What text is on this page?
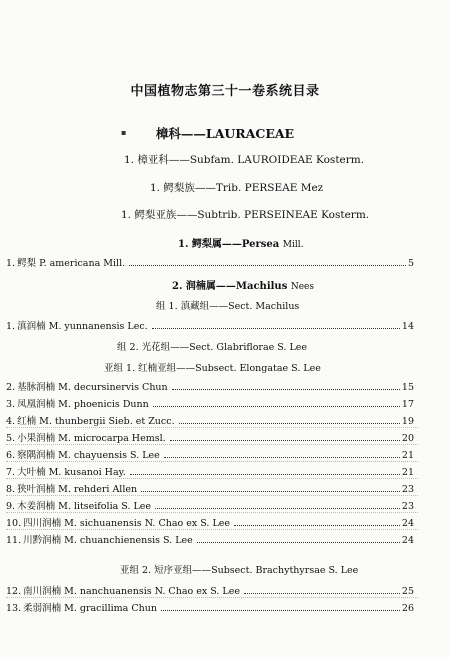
中国植物志第三十一卷系统目录
樟科——LAURACEAE
▪
1. 樟亚科——Subfam. LAUROIDEAE Kosterm.
1. 鳄梨族——Trib. PERSEAE Mez
1. 鳄梨亚族——Subtrib. PERSEINEAE Kosterm.
1. 鳄梨属——Persea Mill.
1. 鳄梨 P. americana Mill.	5
2. 润楠属——Machilus Nees
组 1. 滇藏组——Sect. Machilus
1. 滇润楠 M. yunnanensis Lec.	14
组 2. 光花组——Sect. Glabriflorae S. Lee
亚组 1. 红楠亚组——Subsect. Elongatae S. Lee
2. 基脉润楠 M. decursinervis Chun	15
3. 凤凰润楠 M. phoenicis Dunn	17
4. 红楠 M. thunbergii Sieb. et Zucc.	19
5. 小果润楠 M. microcarpa Hemsl.	20
6. 察隅润楠 M. chayuensis S. Lee	21
7. 大叶楠 M. kusanoi Hay.	21
8. 狭叶润楠 M. rehderi Allen	23
9. 木姜润楠 M. litseifolia S. Lee	23
10. 四川润楠 M. sichuanensis N. Chao ex S. Lee	24
11. 川黔润楠 M. chuanchienensis S. Lee	24
亚组 2. 短序亚组——Subsect. Brachythyrsae S. Lee
12. 南川润楠 M. nanchuanensis N. Chao ex S. Lee	25
13. 柔弱润楠 M. gracillima Chun	26
